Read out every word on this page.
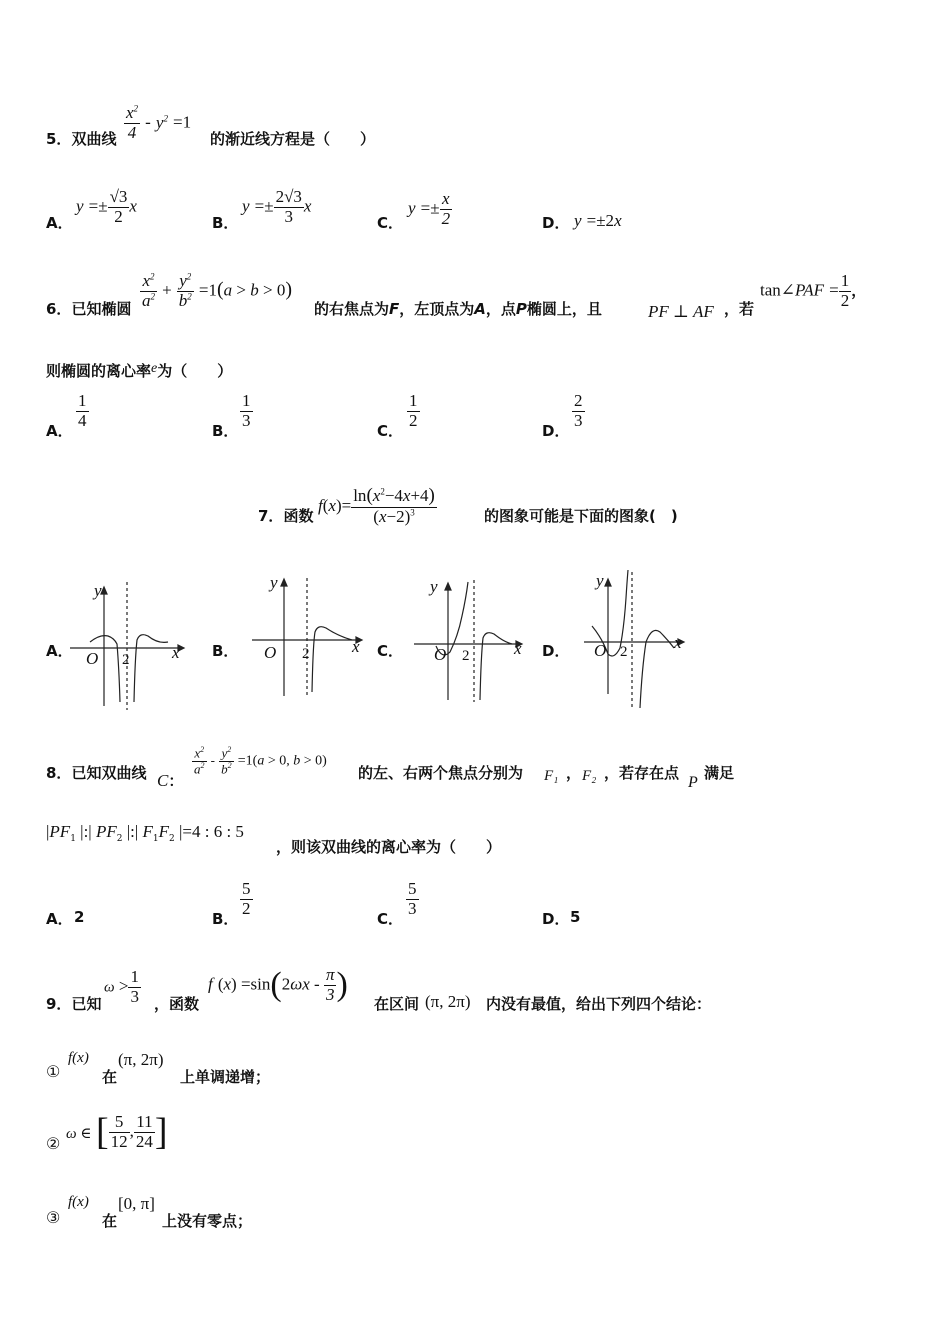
5．双曲线 $\frac{x^2}{4} - y^2 =1$
的渐近线方程是（　　）
A．
$y =\pm \frac{√3}{2}$ x
B．
$y =\pm \frac{2√3}{3}$ x
C．
$y =\pm \frac{x}{2}$	D． y =±2x
6．已知椭圆 $\frac{x^2}{a^2} + \frac{y^2}{b^2} =1(a > b > 0)$
的右焦点为F，左顶点为A，点P椭圆上，且	PF ⊥ AF ，若
tan∠PAF = $\frac{1}{2}$ ，
则椭圆的离心率e为（　　）
A．
$\frac{1}{4}$
B．
$\frac{1}{3}$
C．
$\frac{1}{2}$
D．
$\frac{2}{3}$
7．函数
$f(x)= \frac{\ln(x^2-4x+4)}{(x-2)^3}$	的图象可能是下面的图象(　)
A．	B．	C．	D．
y
x
O 2
y
x
O 2
y
x
O 2
y
x
O 2
8．已知双曲线 C：
$\frac{x^2}{a^2} - \frac{y^2}{b^2} =1(a > 0$, b > 0)
的左、右两个焦点分别为 F₁ ， F₂ ，若存在点
P
满足
$|PF_1$ |:| $PF_2$ |:| $F_1F_2$ |=4 : 6 : 5
，则该双曲线的离心率为（　　）
A． 2	B．
$\frac{5}{2}$
C．
$\frac{5}{3}$
D． 5
9．已知
$\omega > \frac{1}{3}$ ，函数
f $(x) =\sin(2\omega x - \frac{\pi}{3}$ )
在区间 (π, 2π) 内没有最值，给出下列四个结论：
①
f(x)
在
(π, 2π)
上单调递增；
② ω ∈ [ $\frac{5}{12}$ , $\frac{11}{24}$ ]
③
f(x)
在
[0, π]
上没有零点；
